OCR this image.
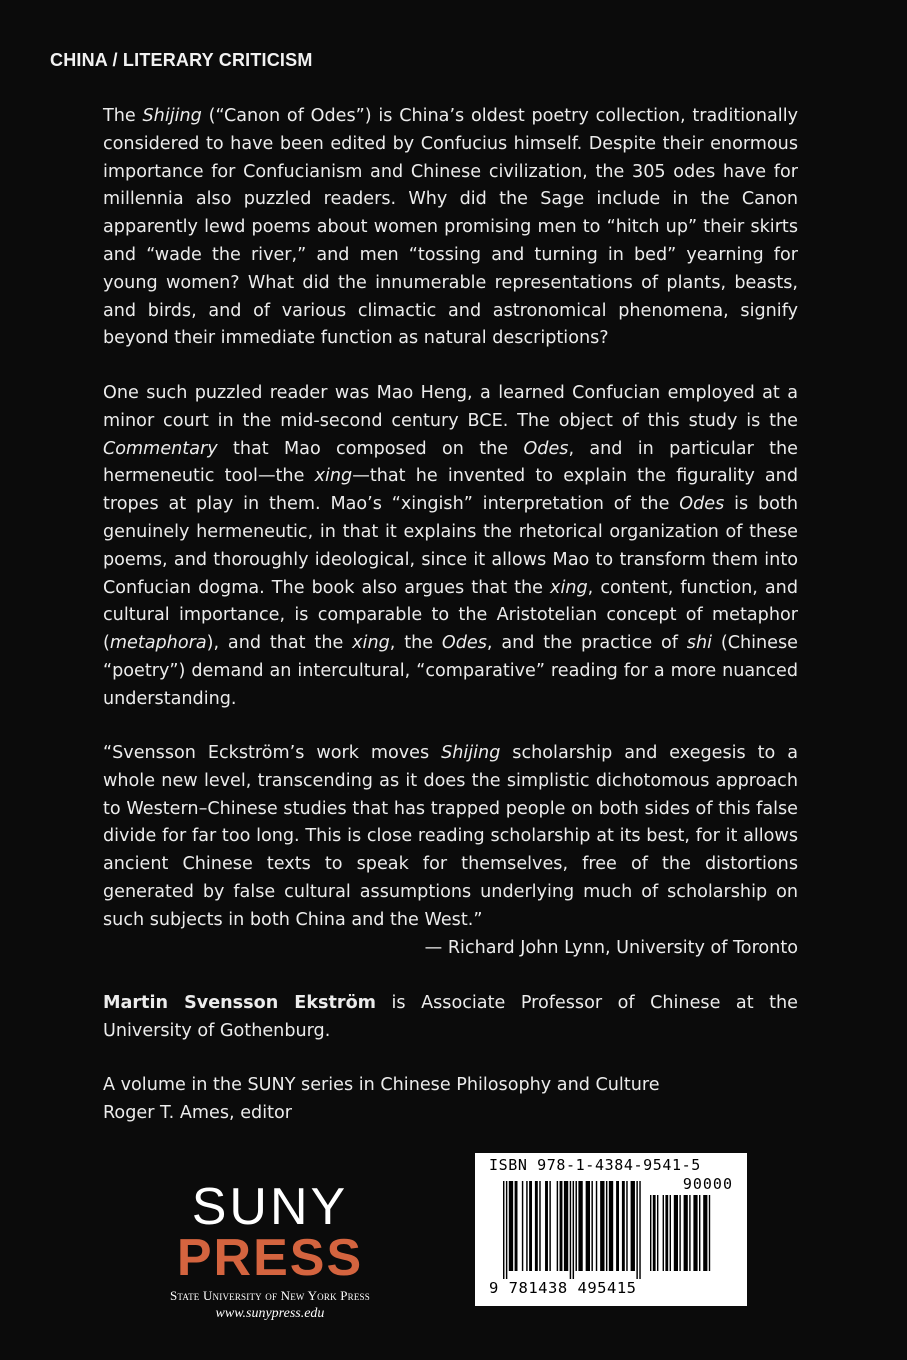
CHINA / LITERARY CRITICISM

The Shijing (“Canon of Odes”) is China’s oldest poetry collection, traditionally considered to have been edited by Confucius himself. Despite their enormous importance for Confucianism and Chinese civilization, the 305 odes have for millennia also puzzled readers. Why did the Sage include in the Canon apparently lewd poems about women promising men to “hitch up” their skirts and “wade the river,” and men “tossing and turning in bed” yearning for young women? What did the innumerable representations of plants, beasts, and birds, and of various climactic and astronomical phenomena, signify beyond their immediate function as natural descriptions?

One such puzzled reader was Mao Heng, a learned Confucian employed at a minor court in the mid-second century BCE. The object of this study is the Commentary that Mao composed on the Odes, and in particular the hermeneutic tool—the xing—that he invented to explain the figurality and tropes at play in them. Mao’s “xingish” interpretation of the Odes is both genuinely hermeneutic, in that it explains the rhetorical organization of these poems, and thoroughly ideological, since it allows Mao to transform them into Confucian dogma. The book also argues that the xing, content, function, and cultural importance, is comparable to the Aristotelian concept of metaphor (metaphora), and that the xing, the Odes, and the practice of shi (Chinese “poetry”) demand an intercultural, “comparative” reading for a more nuanced understanding.

“Svensson Eckström’s work moves Shijing scholarship and exegesis to a whole new level, transcending as it does the simplistic dichotomous approach to Western–Chinese studies that has trapped people on both sides of this false divide for far too long. This is close reading scholarship at its best, for it allows ancient Chinese texts to speak for themselves, free of the distortions generated by false cultural assumptions underlying much of scholarship on such subjects in both China and the West.”
— Richard John Lynn, University of Toronto

Martin Svensson Ekström is Associate Professor of Chinese at the University of Gothenburg.

A volume in the SUNY series in Chinese Philosophy and Culture
Roger T. Ames, editor

SUNY
PRESS
State University of New York Press
www.sunypress.edu
ISBN 978-1-4384-9541-5
90000
9 781438 495415
